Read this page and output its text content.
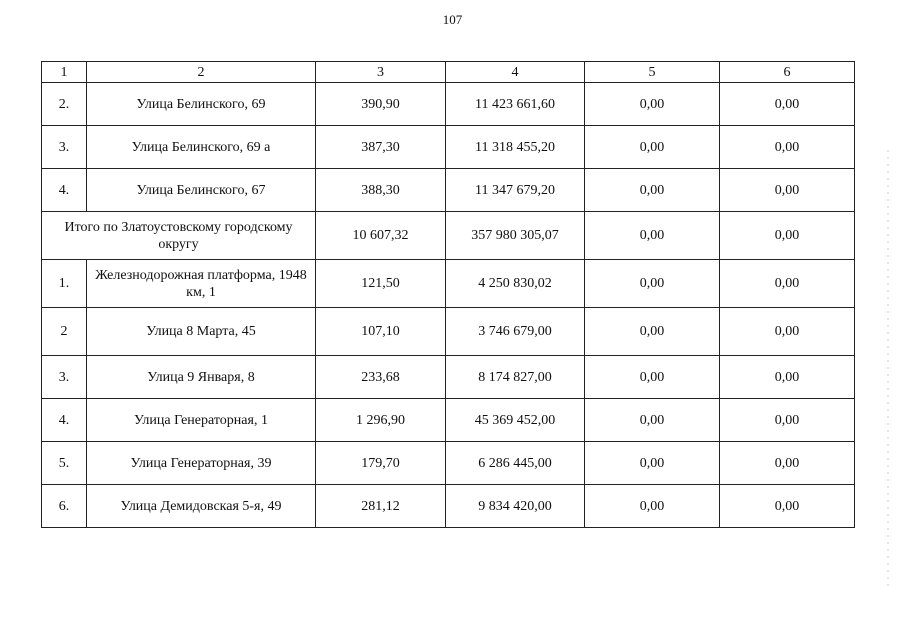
107
1	2	3	4	5	6
2.	Улица Белинского, 69	390,90	11 423 661,60	0,00	0,00
3.	Улица Белинского, 69 а	387,30	11 318 455,20	0,00	0,00
4.	Улица Белинского, 67	388,30	11 347 679,20	0,00	0,00
Итого по Златоустовскому городскому округу		10 607,32	357 980 305,07	0,00	0,00
1.	Железнодорожная платформа, 1948 км, 1	121,50	4 250 830,02	0,00	0,00
2	Улица 8 Марта, 45	107,10	3 746 679,00	0,00	0,00
3.	Улица 9 Января, 8	233,68	8 174 827,00	0,00	0,00
4.	Улица Генераторная, 1	1 296,90	45 369 452,00	0,00	0,00
5.	Улица Генераторная, 39	179,70	6 286 445,00	0,00	0,00
6.	Улица Демидовская 5-я, 49	281,12	9 834 420,00	0,00	0,00
